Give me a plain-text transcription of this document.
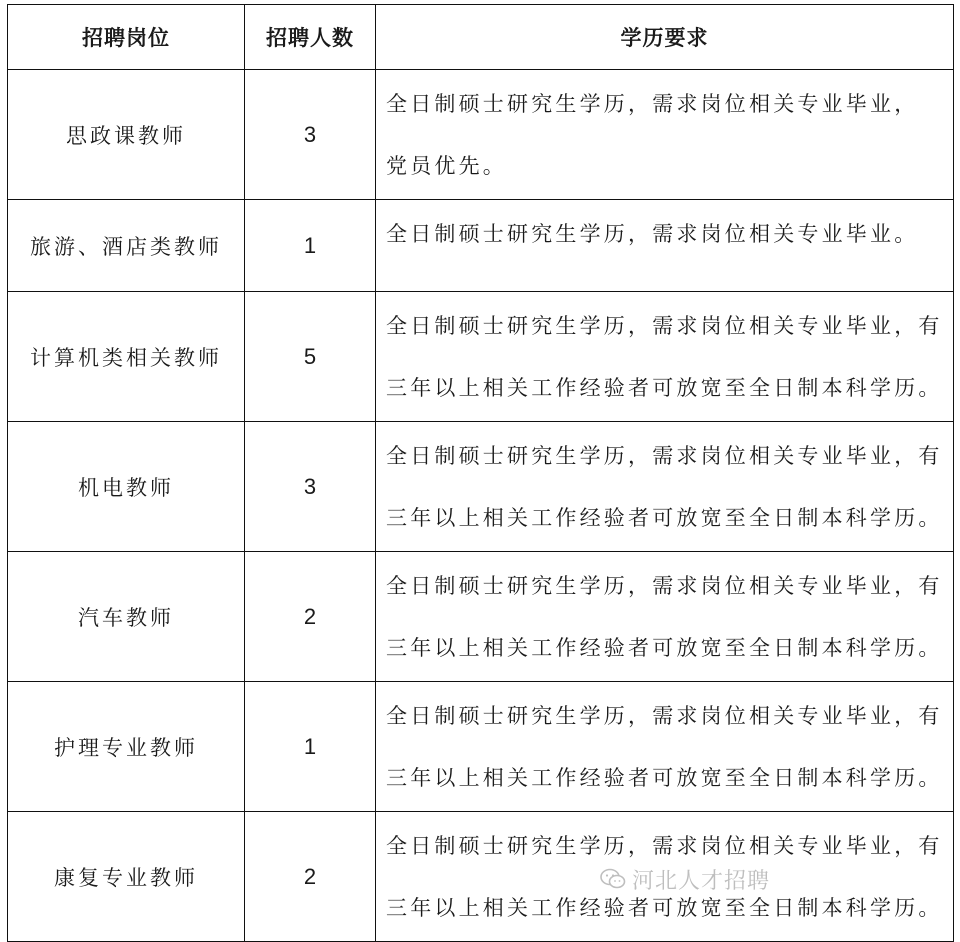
招聘岗位	招聘人数	学历要求
思政课教师	3	全日制硕士研究生学历，需求岗位相关专业毕业，
党员优先。

旅游、酒店类教师	1	全日制硕士研究生学历，需求岗位相关专业毕业。

计算机类相关教师	5	全日制硕士研究生学历，需求岗位相关专业毕业，有
三年以上相关工作经验者可放宽至全日制本科学历。

机电教师	3	全日制硕士研究生学历，需求岗位相关专业毕业，有
三年以上相关工作经验者可放宽至全日制本科学历。

汽车教师	2	全日制硕士研究生学历，需求岗位相关专业毕业，有
三年以上相关工作经验者可放宽至全日制本科学历。

护理专业教师	1	全日制硕士研究生学历，需求岗位相关专业毕业，有
三年以上相关工作经验者可放宽至全日制本科学历。

康复专业教师	2	全日制硕士研究生学历，需求岗位相关专业毕业，有
三年以上相关工作经验者可放宽至全日制本科学历。
河北人才招聘
